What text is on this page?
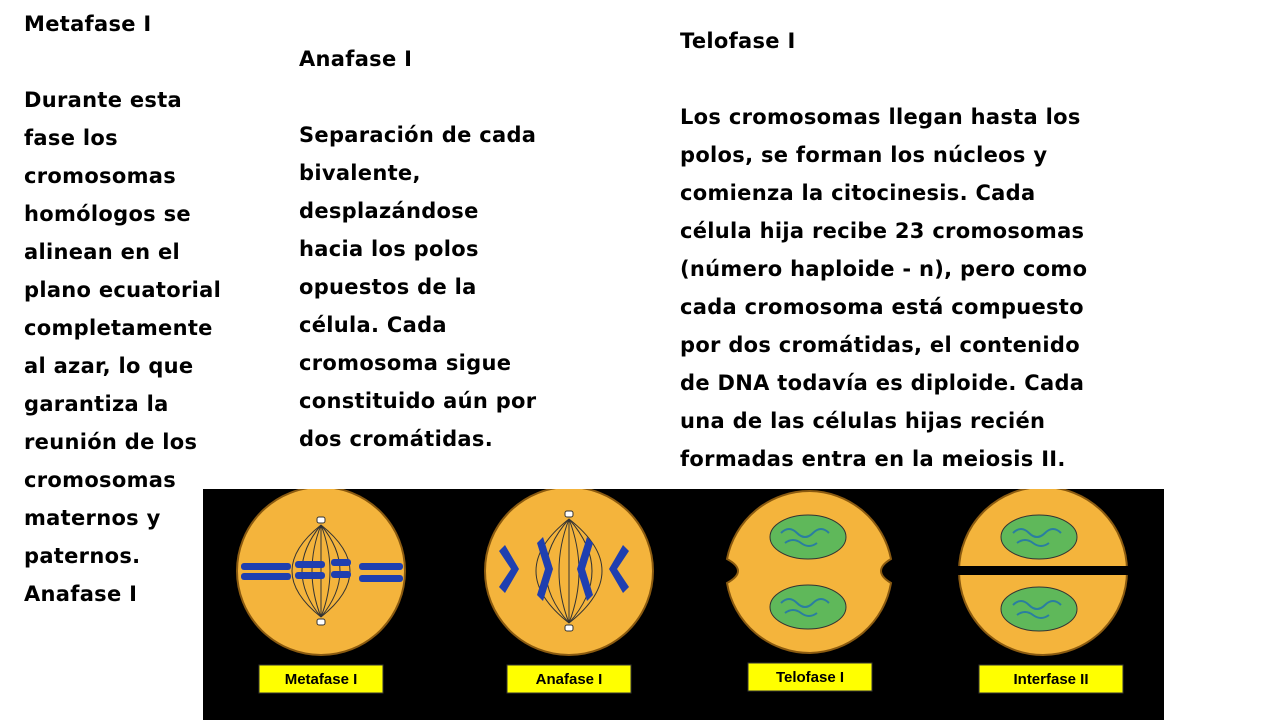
Metafase I

Durante esta
fase los
cromosomas
homólogos se
alinean en el
plano ecuatorial
completamente
al azar, lo que
garantiza la
reunión de los
cromosomas
maternos y
paternos.
Anafase I

Anafase I

Separación de cada
bivalente,
desplazándose
hacia los polos
opuestos de la
célula. Cada
cromosoma sigue
constituido aún por
dos cromátidas.

Telofase I

Los cromosomas llegan hasta los
polos, se forman los núcleos y
comienza la citocinesis. Cada
célula hija recibe 23 cromosomas
(número haploide - n), pero como
cada cromosoma está compuesto
por dos cromátidas, el contenido
de DNA todavía es diploide. Cada
una de las células hijas recién
formadas entra en la meiosis II.

Metafase I	Anafase I	Telofase I	Interfase II
